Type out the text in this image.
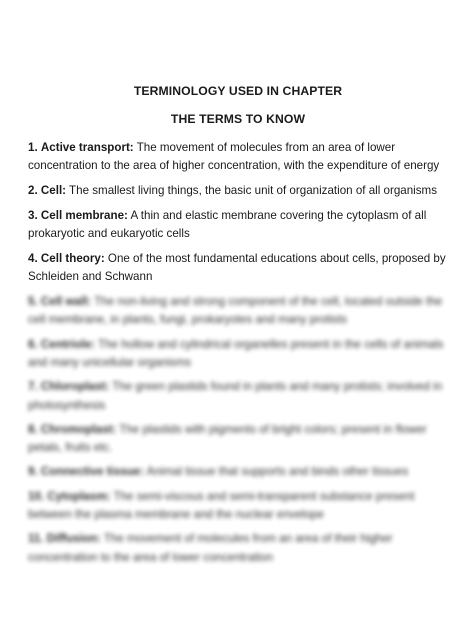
TERMINOLOGY USED IN CHAPTER
THE TERMS TO KNOW
1. Active transport: The movement of molecules from an area of lower concentration to the area of higher concentration, with the expenditure of energy
2. Cell: The smallest living things, the basic unit of organization of all organisms
3. Cell membrane: A thin and elastic membrane covering the cytoplasm of all prokaryotic and eukaryotic cells
4. Cell theory: One of the most fundamental educations about cells, proposed by Schleiden and Schwann
5. Cell wall: The non-living and strong component of the cell, located outside the cell membrane, in plants, fungi, prokaryotes and many protists
6. Centriole: The hollow and cylindrical organelles present in the cells of animals and many unicellular organisms
7. Chloroplast: The green plastids found in plants and many protists; involved in photosynthesis
8. Chromoplast: The plastids with pigments of bright colors; present in flower petals, fruits etc.
9. Connective tissue: Animal tissue that supports and binds other tissues
10. Cytoplasm: The semi-viscous and semi-transparent substance present between the plasma membrane and the nuclear envelope
11. Diffusion: The movement of molecules from an area of their higher concentration to the area of lower concentration
